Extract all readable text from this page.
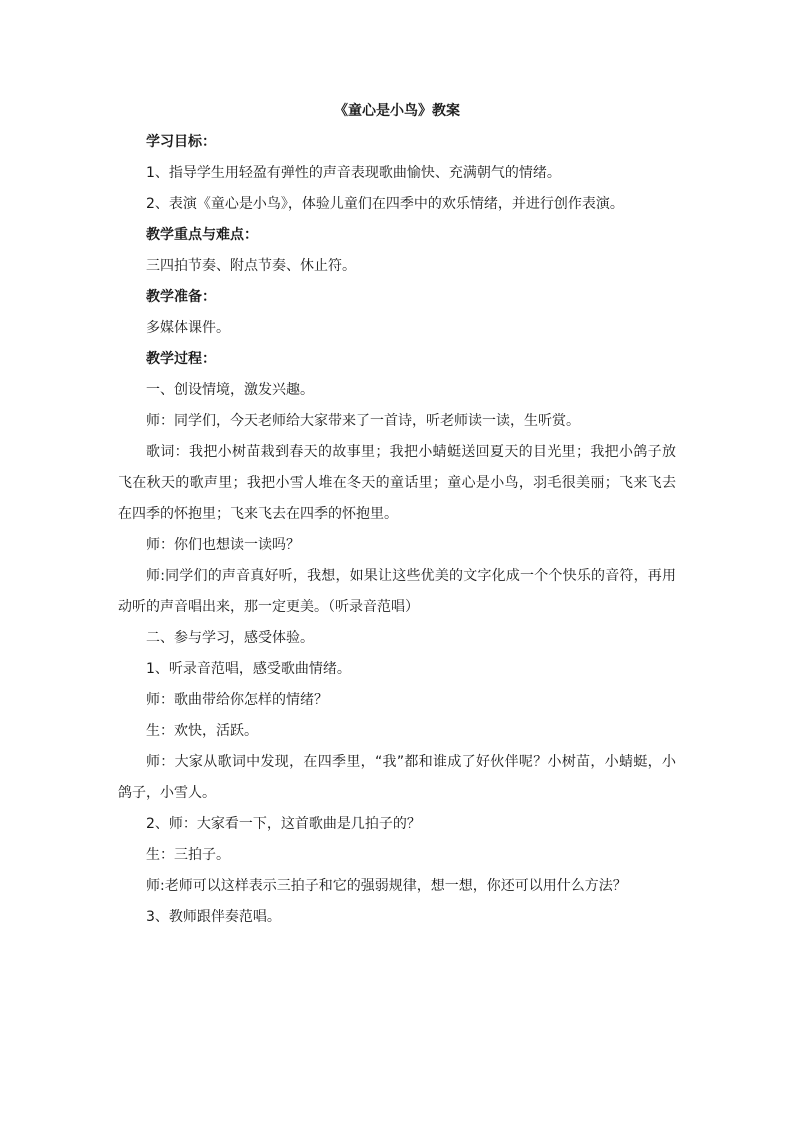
《童心是小鸟》教案

学习目标：

1、指导学生用轻盈有弹性的声音表现歌曲愉快、充满朝气的情绪。

2、表演《童心是小鸟》，体验儿童们在四季中的欢乐情绪，并进行创作表演。

教学重点与难点：

三四拍节奏、附点节奏、休止符。

教学准备：

多媒体课件。

教学过程：

一、创设情境，激发兴趣。

师：同学们，今天老师给大家带来了一首诗，听老师读一读，生听赏。

歌词：我把小树苗栽到春天的故事里；我把小蜻蜓送回夏天的目光里；我把小鸽子放飞在秋天的歌声里；我把小雪人堆在冬天的童话里；童心是小鸟，羽毛很美丽；飞来飞去在四季的怀抱里；飞来飞去在四季的怀抱里。

师：你们也想读一读吗？

师:同学们的声音真好听，我想，如果让这些优美的文字化成一个个快乐的音符，再用动听的声音唱出来，那一定更美。（听录音范唱）

二、参与学习，感受体验。

1、听录音范唱，感受歌曲情绪。

师：歌曲带给你怎样的情绪？

生：欢快，活跃。

师：大家从歌词中发现，在四季里，“我”都和谁成了好伙伴呢？小树苗，小蜻蜓，小鸽子，小雪人。

2、师：大家看一下，这首歌曲是几拍子的？

生：三拍子。

师:老师可以这样表示三拍子和它的强弱规律，想一想，你还可以用什么方法？

3、教师跟伴奏范唱。
